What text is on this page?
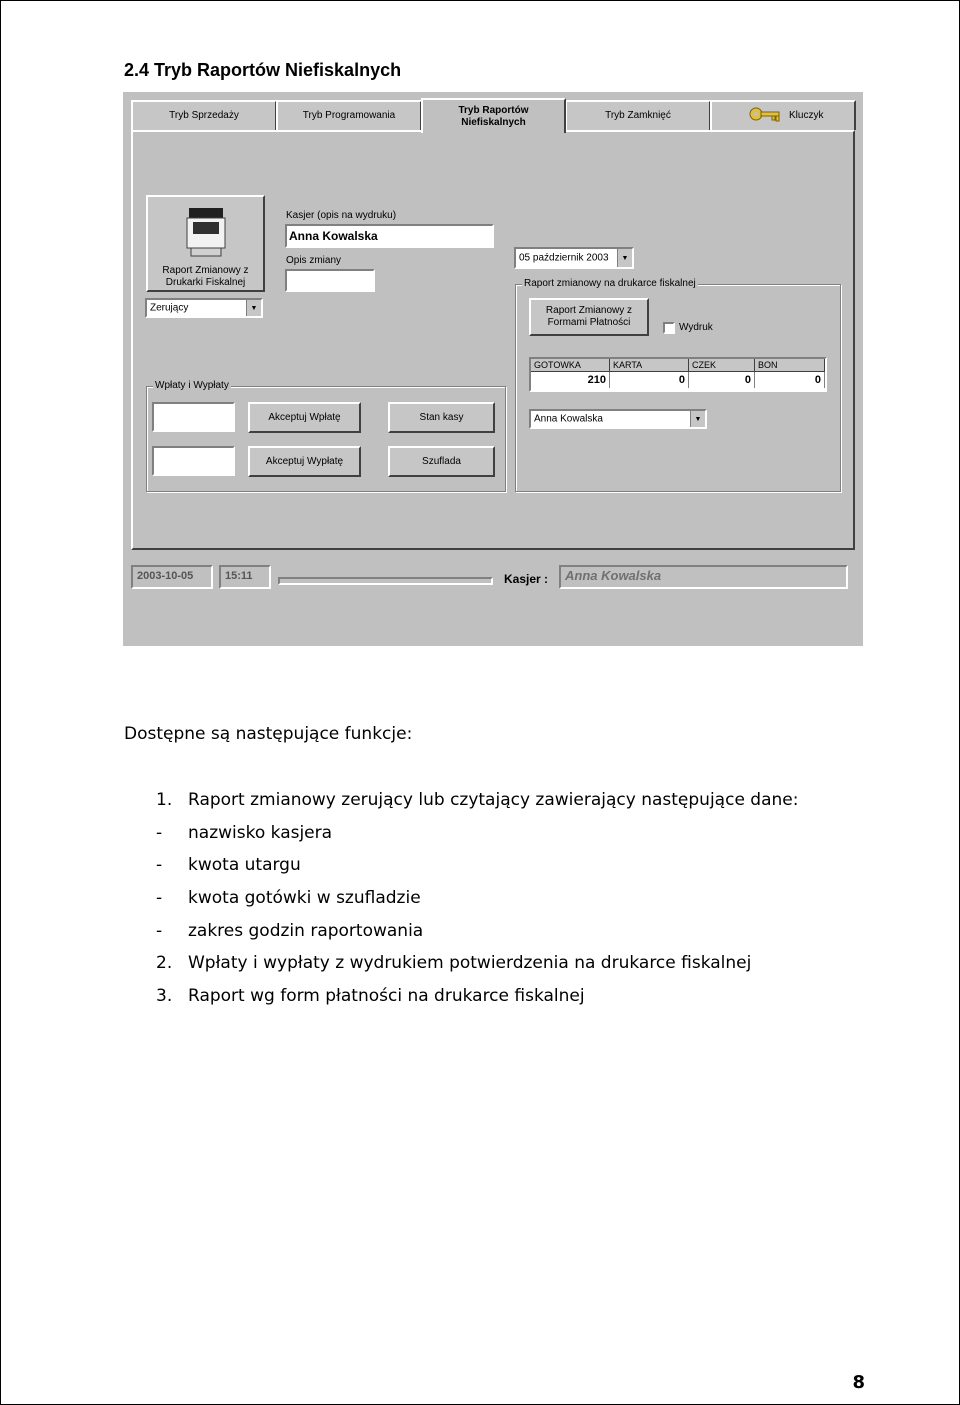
2.4 Tryb Raportów Niefiskalnych
Tryb Sprzedaży	Tryb Programowania	Tryb Raportów
Niefiskalnych
Tryb Zamknięć	Kluczyk
Raport Zmianowy z
Drukarki Fiskalnej
Zerujący	▼
Kasjer (opis na wydruku)
Anna Kowalska
Opis zmiany	05 październik 2003	▼
Raport zmianowy na drukarce fiskalnej
Raport Zmianowy z
Formami Płatności	Wydruk
GOTOWKA	KARTA	CZEK	BON
210	0	0	0
Anna Kowalska	▼
Wpłaty i Wypłaty
Akceptuj Wpłatę
Akceptuj Wypłatę
Stan kasy
Szuflada
2003-10-05	15:11	Kasjer :	Anna Kowalska
Dostępne są następujące funkcje:
1. Raport zmianowy zerujący lub czytający zawierający następujące dane:
- nazwisko kasjera
- kwota utargu
- kwota gotówki w szufladzie
- zakres godzin raportowania
2. Wpłaty i wypłaty z wydrukiem potwierdzenia na drukarce fiskalnej
3. Raport wg form płatności na drukarce fiskalnej
8
